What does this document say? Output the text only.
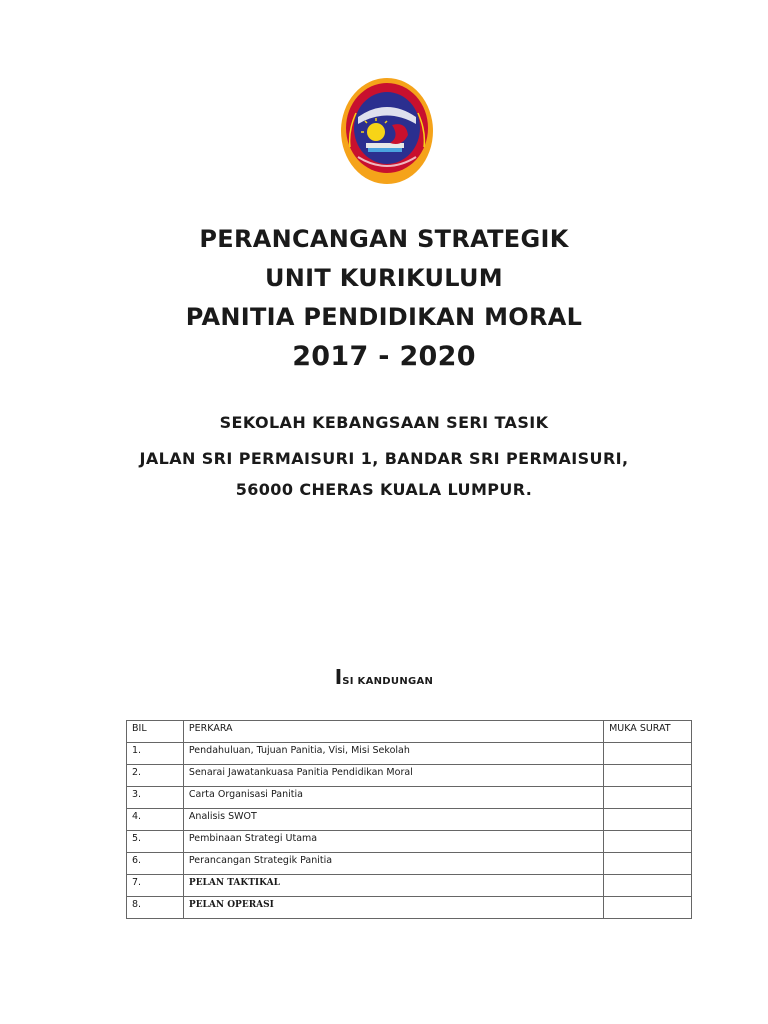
PERANCANGAN STRATEGIK
UNIT KURIKULUM
PANITIA PENDIDIKAN MORAL
2017 - 2020
SEKOLAH KEBANGSAAN SERI TASIK
JALAN SRI PERMAISURI 1, BANDAR SRI PERMAISURI,
56000 CHERAS KUALA LUMPUR.
ISI KANDUNGAN
BIL	PERKARA	MUKA SURAT
1.	Pendahuluan, Tujuan Panitia, Visi, Misi Sekolah	
2.	Senarai Jawatankuasa Panitia Pendidikan Moral	
3.	Carta Organisasi Panitia	
4.	Analisis SWOT	
5.	Pembinaan Strategi Utama	
6.	Perancangan Strategik Panitia	
7.	PELAN TAKTIKAL	
8.	PELAN OPERASI	
